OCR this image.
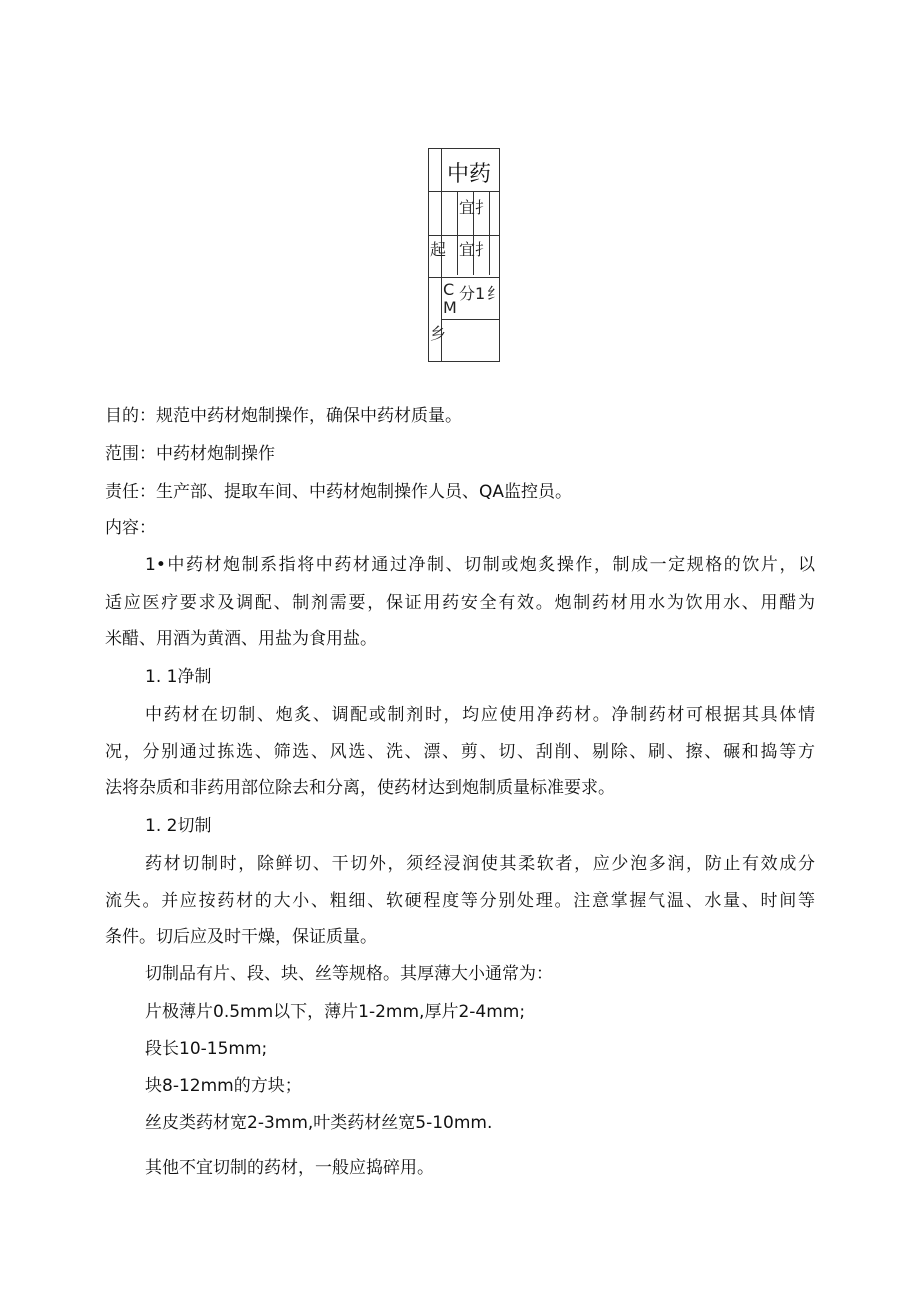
中药
宜 扌
起 宜 扌
C
M
分 1 纟
乡
目的：规范中药材炮制操作，确保中药材质量。
范围：中药材炮制操作
责任：生产部、提取车间、中药材炮制操作人员、QA监控员。
内容：
1•中药材炮制系指将中药材通过净制、切制或炮炙操作，制成一定规格的饮片，以
适应医疗要求及调配、制剂需要，保证用药安全有效。炮制药材用水为饮用水、用醋为
米醋、用酒为黄酒、用盐为食用盐。
1. 1净制
中药材在切制、炮炙、调配或制剂时，均应使用净药材。净制药材可根据其具体情
况，分别通过拣选、筛选、风选、洗、漂、剪、切、刮削、剔除、刷、擦、碾和捣等方
法将杂质和非药用部位除去和分离，使药材达到炮制质量标准要求。
1. 2切制
药材切制时，除鲜切、干切外，须经浸润使其柔软者，应少泡多润，防止有效成分
流失。并应按药材的大小、粗细、软硬程度等分别处理。注意掌握气温、水量、时间等
条件。切后应及时干燥，保证质量。
切制品有片、段、块、丝等规格。其厚薄大小通常为：
片极薄片0.5mm以下，薄片1-2mm,厚片2-4mm;
段长10-15mm;
块8-12mm的方块；
丝皮类药材宽2-3mm,叶类药材丝宽5-10mm.
其他不宜切制的药材，一般应捣碎用。
